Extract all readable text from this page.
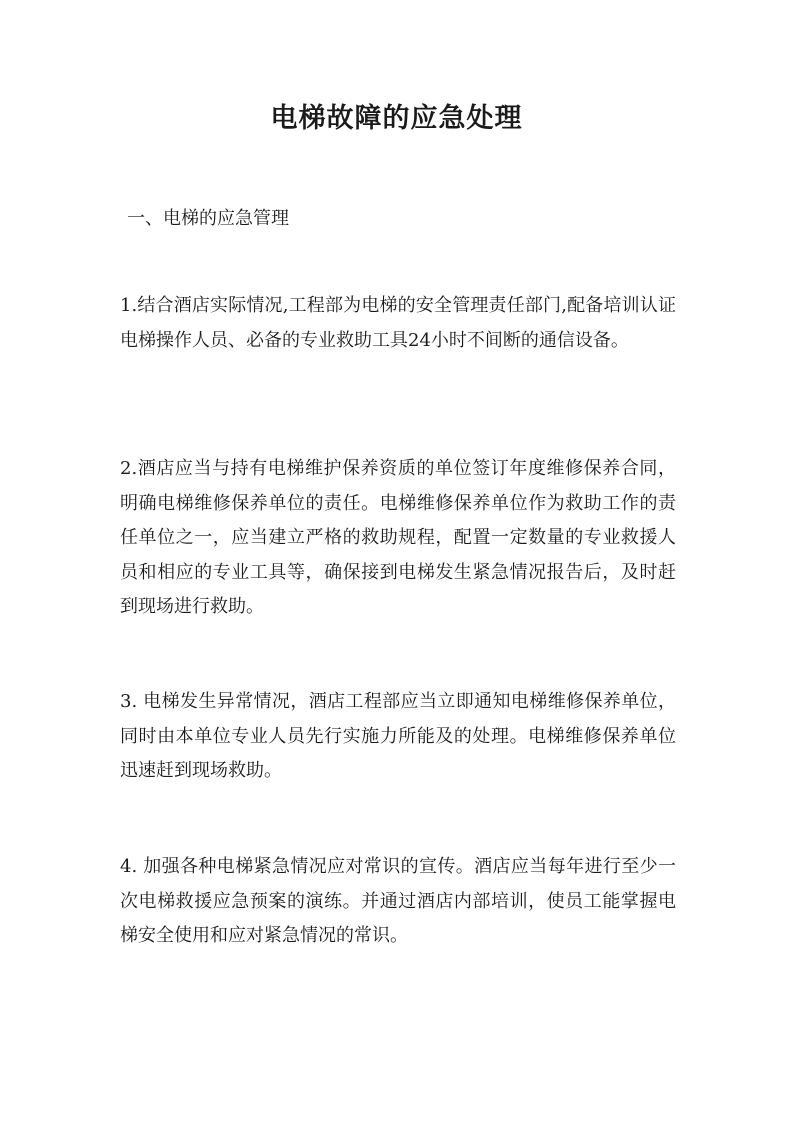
电梯故障的应急处理

一、电梯的应急管理

1.结合酒店实际情况,工程部为电梯的安全管理责任部门,配备培训认证电梯操作人员、必备的专业救助工具24小时不间断的通信设备。

2.酒店应当与持有电梯维护保养资质的单位签订年度维修保养合同，明确电梯维修保养单位的责任。电梯维修保养单位作为救助工作的责任单位之一，应当建立严格的救助规程，配置一定数量的专业救援人员和相应的专业工具等，确保接到电梯发生紧急情况报告后，及时赶到现场进行救助。

3. 电梯发生异常情况，酒店工程部应当立即通知电梯维修保养单位，同时由本单位专业人员先行实施力所能及的处理。电梯维修保养单位迅速赶到现场救助。

4. 加强各种电梯紧急情况应对常识的宣传。酒店应当每年进行至少一次电梯救援应急预案的演练。并通过酒店内部培训，使员工能掌握电梯安全使用和应对紧急情况的常识。
